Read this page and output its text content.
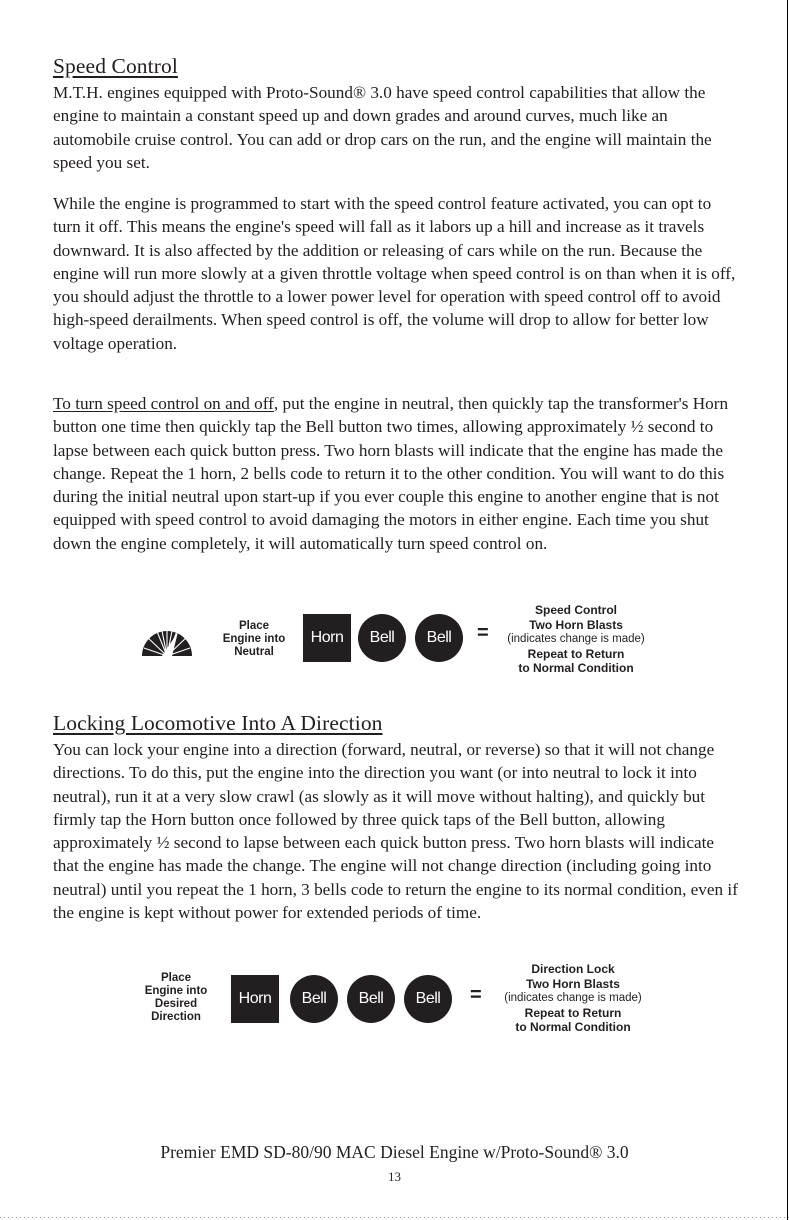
Speed Control

M.T.H. engines equipped with Proto-Sound® 3.0 have speed control capabilities that allow the engine to maintain a constant speed up and down grades and around curves, much like an automobile cruise control. You can add or drop cars on the run, and the engine will maintain the speed you set.

While the engine is programmed to start with the speed control feature activated, you can opt to turn it off. This means the engine's speed will fall as it labors up a hill and increase as it travels downward. It is also affected by the addition or releasing of cars while on the run. Because the engine will run more slowly at a given throttle voltage when speed control is on than when it is off, you should adjust the throttle to a lower power level for operation with speed control off to avoid high-speed derailments. When speed control is off, the volume will drop to allow for better low voltage operation.

To turn speed control on and off, put the engine in neutral, then quickly tap the transformer's Horn button one time then quickly tap the Bell button two times, allowing approximately ½ second to lapse between each quick button press. Two horn blasts will indicate that the engine has made the change. Repeat the 1 horn, 2 bells code to return it to the other condition. You will want to do this during the initial neutral upon start-up if you ever couple this engine to another engine that is not equipped with speed control to avoid damaging the motors in either engine. Each time you shut down the engine completely, it will automatically turn speed control on.

Place
Engine into
Neutral
Horn	Bell	Bell	=
Speed Control
Two Horn Blasts
(indicates change is made)
Repeat to Return
to Normal Condition
Locking Locomotive Into A Direction

You can lock your engine into a direction (forward, neutral, or reverse) so that it will not change directions. To do this, put the engine into the direction you want (or into neutral to lock it into neutral), run it at a very slow crawl (as slowly as it will move without halting), and quickly but firmly tap the Horn button once followed by three quick taps of the Bell button, allowing approximately ½ second to lapse between each quick button press. Two horn blasts will indicate that the engine has made the change. The engine will not change direction (including going into neutral) until you repeat the 1 horn, 3 bells code to return the engine to its normal condition, even if the engine is kept without power for extended periods of time.

Place
Engine into
Desired
Direction
Horn	Bell	Bell	Bell	=
Direction Lock
Two Horn Blasts
(indicates change is made)
Repeat to Return
to Normal Condition

Premier EMD SD-80/90 MAC Diesel Engine w/Proto-Sound® 3.0

13
